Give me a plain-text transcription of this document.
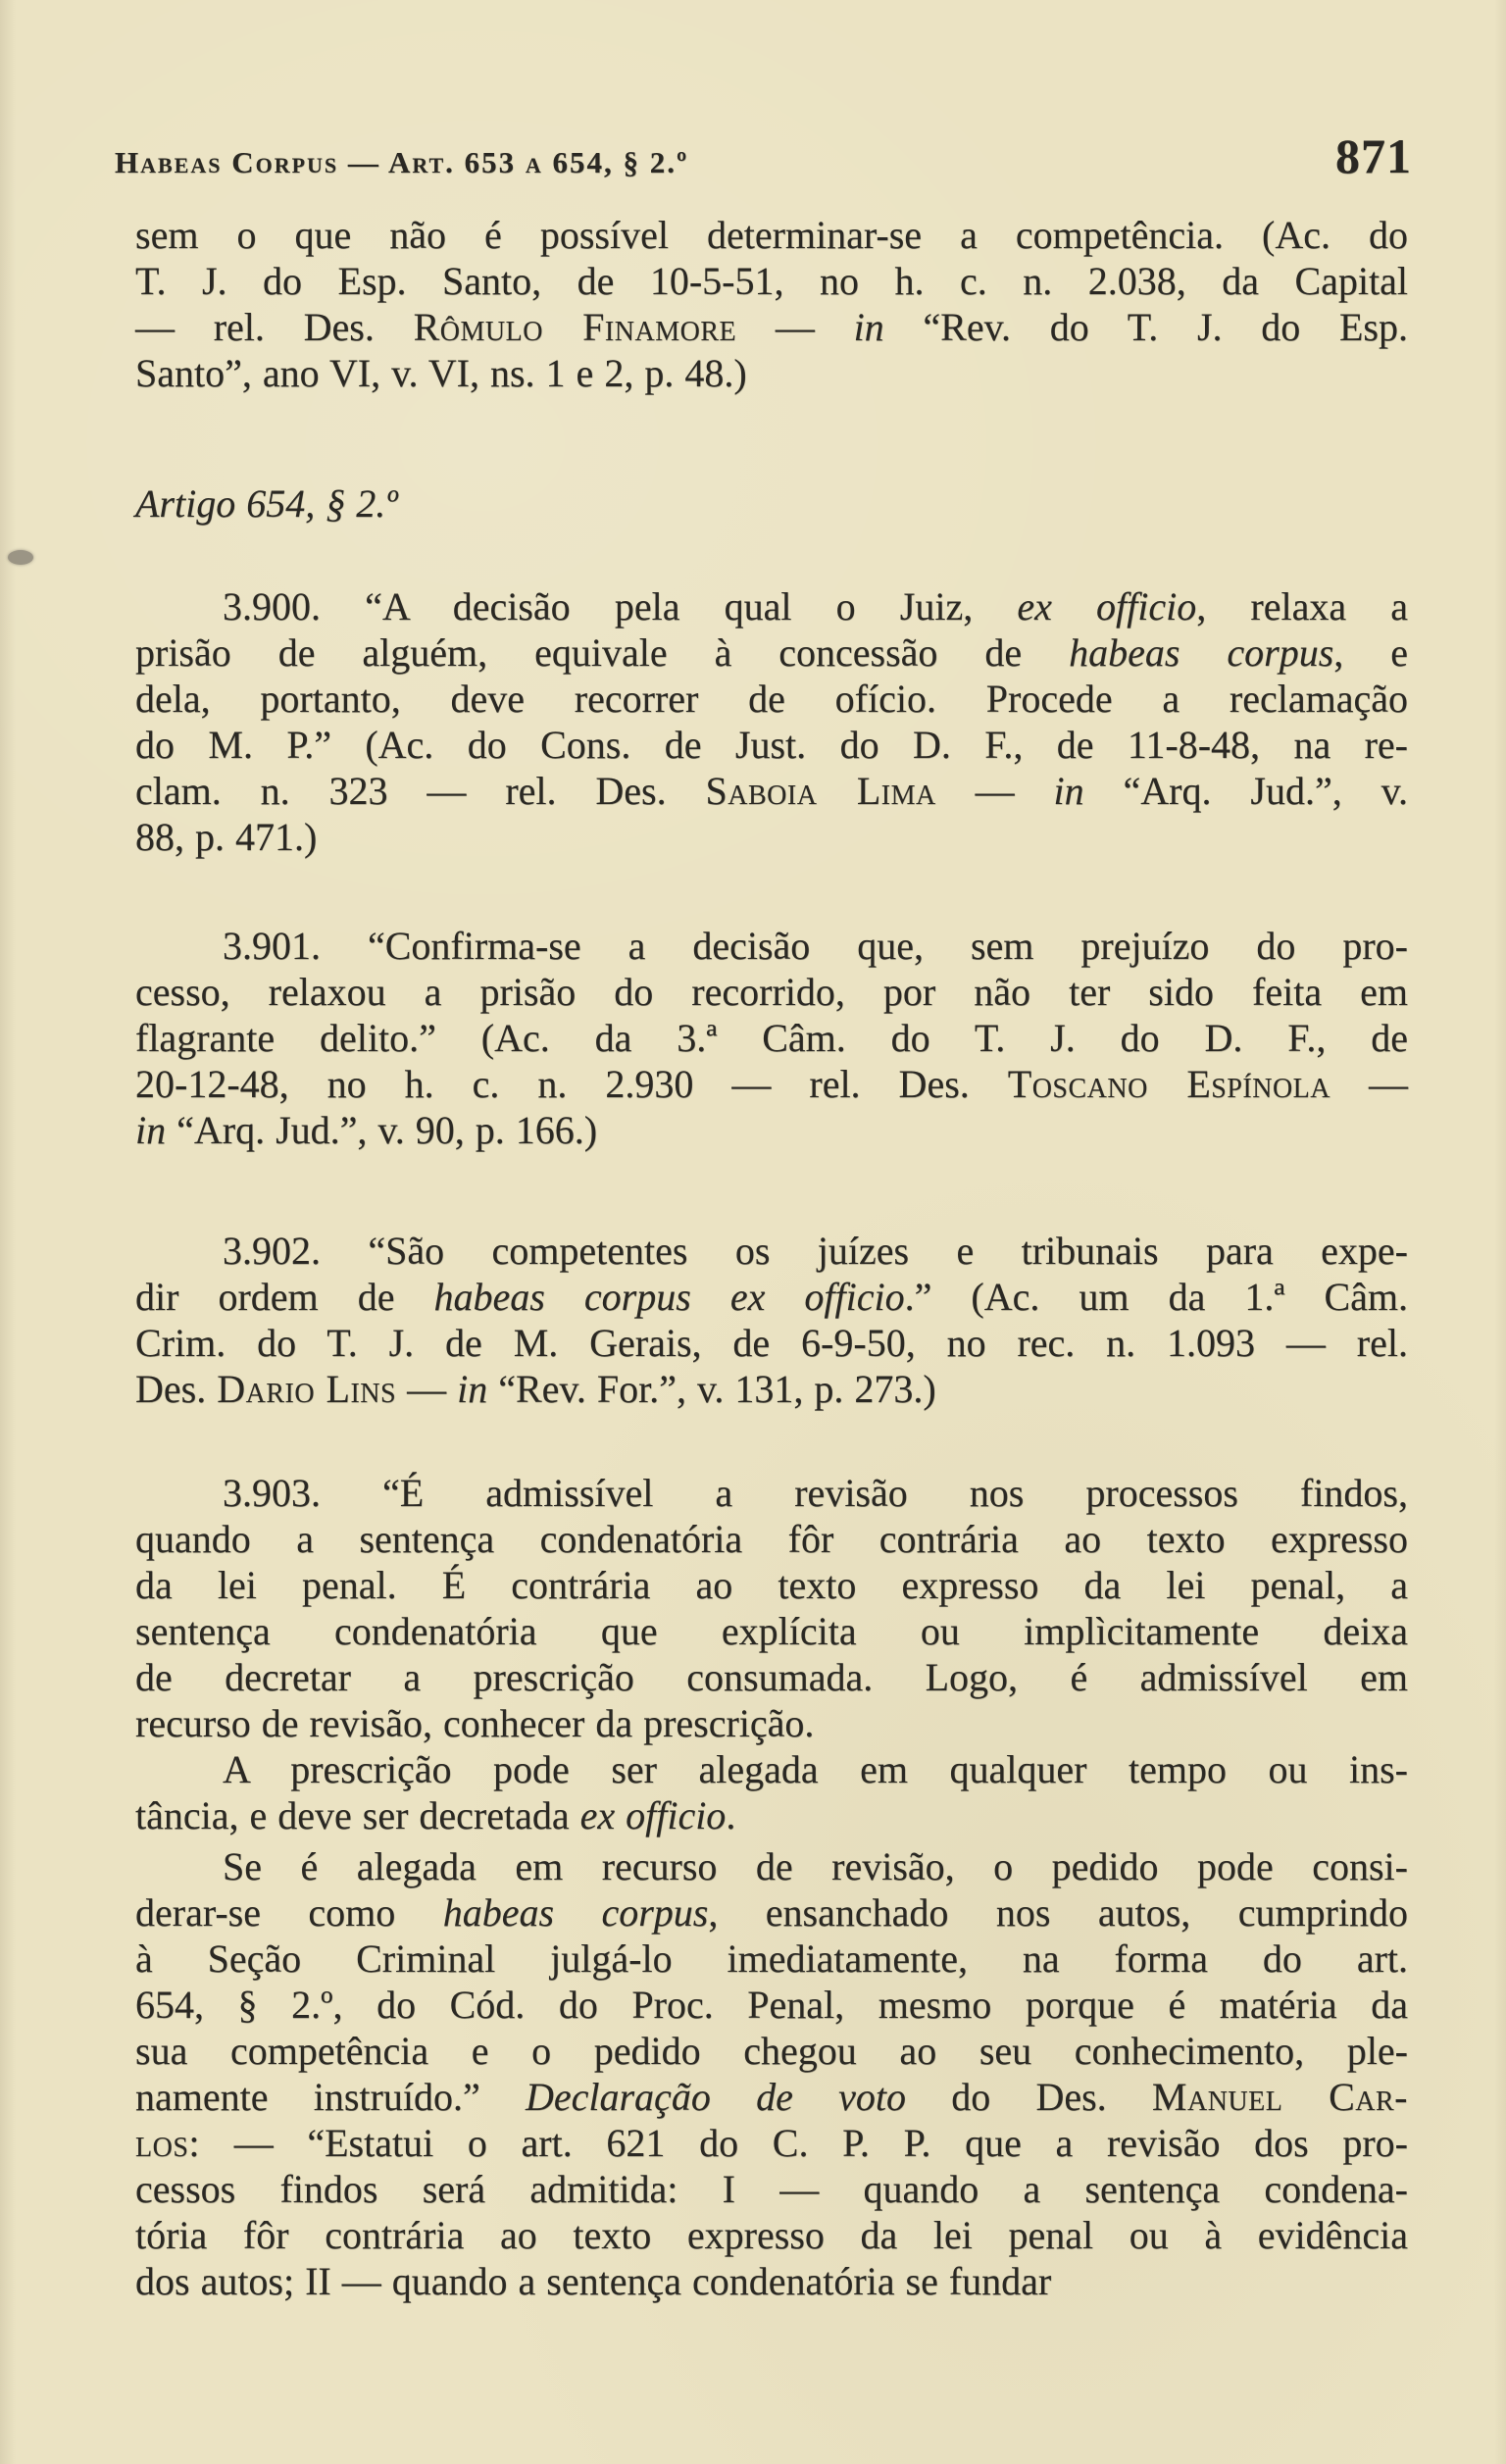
Habeas Corpus — Art. 653 a 654, § 2.º	871
sem o que não é possível determinar-se a competência. (Ac. do
T. J. do Esp. Santo, de 10-5-51, no h. c. n. 2.038, da Capital
— rel. Des. Rômulo Finamore — in “Rev. do T. J. do Esp.
Santo”, ano VI, v. VI, ns. 1 e 2, p. 48.)
Artigo 654, § 2.º
3.900. “A decisão pela qual o Juiz, ex officio, relaxa a
prisão de alguém, equivale à concessão de habeas corpus, e
dela, portanto, deve recorrer de ofício. Procede a reclamação
do M. P.” (Ac. do Cons. de Just. do D. F., de 11-8-48, na re-
clam. n. 323 — rel. Des. Saboia Lima — in “Arq. Jud.”, v.
88, p. 471.)
3.901. “Confirma-se a decisão que, sem prejuízo do pro-
cesso, relaxou a prisão do recorrido, por não ter sido feita em
flagrante delito.” (Ac. da 3.ª Câm. do T. J. do D. F., de
20-12-48, no h. c. n. 2.930 — rel. Des. Toscano Espínola —
in “Arq. Jud.”, v. 90, p. 166.)
3.902. “São competentes os juízes e tribunais para expe-
dir ordem de habeas corpus ex officio.” (Ac. um da 1.ª Câm.
Crim. do T. J. de M. Gerais, de 6-9-50, no rec. n. 1.093 — rel.
Des. Dario Lins — in “Rev. For.”, v. 131, p. 273.)
3.903. “É admissível a revisão nos processos findos,
quando a sentença condenatória fôr contrária ao texto expresso
da lei penal. É contrária ao texto expresso da lei penal, a
sentença condenatória que explícita ou implìcitamente deixa
de decretar a prescrição consumada. Logo, é admissível em
recurso de revisão, conhecer da prescrição.
A prescrição pode ser alegada em qualquer tempo ou ins-
tância, e deve ser decretada ex officio.
Se é alegada em recurso de revisão, o pedido pode consi-
derar-se como habeas corpus, ensanchado nos autos, cumprindo
à Seção Criminal julgá-lo imediatamente, na forma do art.
654, § 2.º, do Cód. do Proc. Penal, mesmo porque é matéria da
sua competência e o pedido chegou ao seu conhecimento, ple-
namente instruído.” Declaração de voto do Des. Manuel Car-
los: — “Estatui o art. 621 do C. P. P. que a revisão dos pro-
cessos findos será admitida: I — quando a sentença condena-
tória fôr contrária ao texto expresso da lei penal ou à evidência
dos autos; II — quando a sentença condenatória se fundar
